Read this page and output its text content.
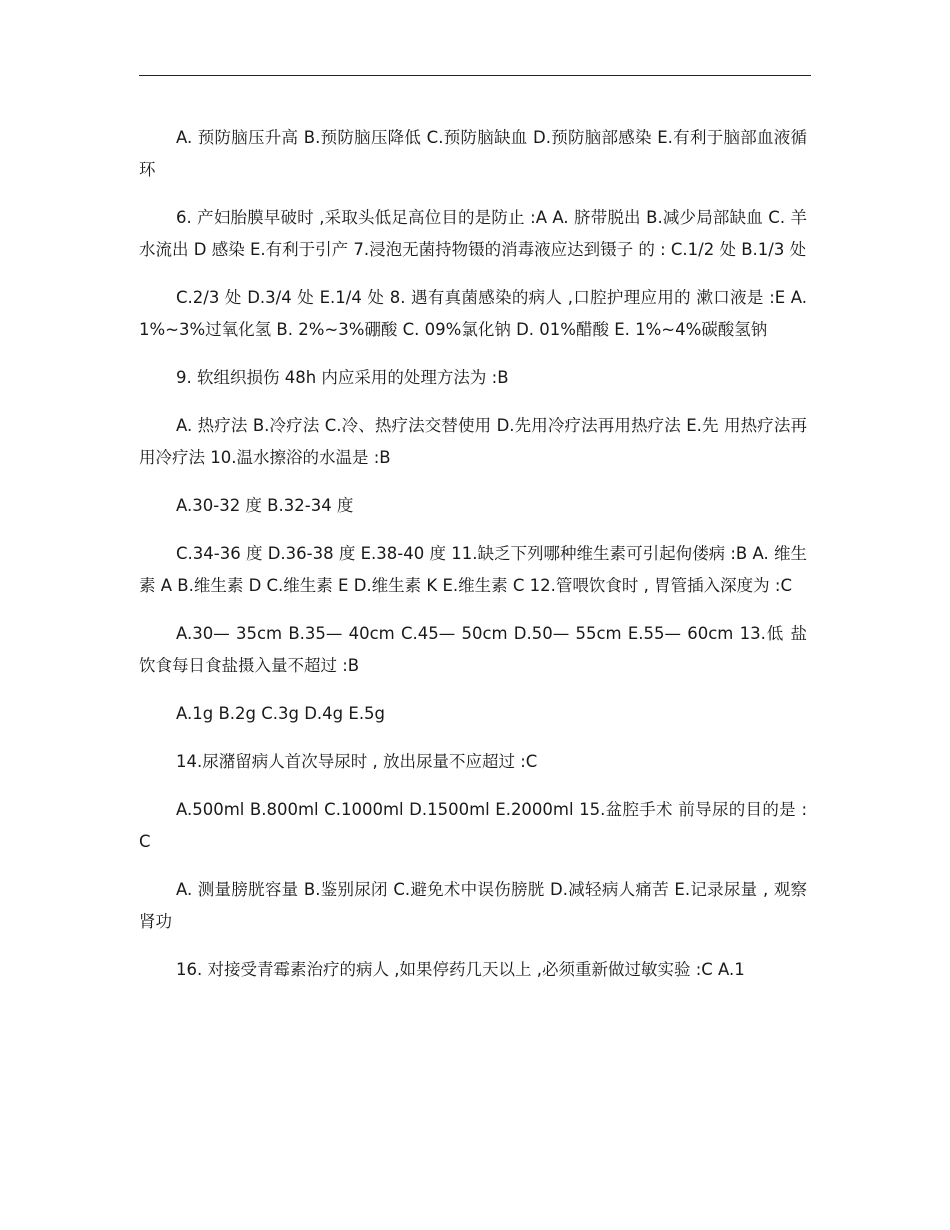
A. 预防脑压升高 B.预防脑压降低 C.预防脑缺血 D.预防脑部感染 E.有利于脑部血液循环

6. 产妇胎膜早破时 ,采取头低足高位目的是防止 :A A. 脐带脱出 B.减少局部缺血 C. 羊水流出 D 感染 E.有利于引产 7.浸泡无菌持物镊的消毒液应达到镊子 的 : C.1/2 处 B.1/3 处

C.2/3 处 D.3/4 处 E.1/4 处 8. 遇有真菌感染的病人 ,口腔护理应用的 漱口液是 :E A. 1%~3%过氧化氢 B. 2%~3%硼酸 C. 09%氯化钠 D. 01%醋酸 E. 1%~4%碳酸氢钠

9. 软组织损伤 48h 内应采用的处理方法为 :B

A. 热疗法 B.冷疗法 C.冷、热疗法交替使用 D.先用冷疗法再用热疗法 E.先 用热疗法再用冷疗法 10.温水擦浴的水温是 :B

A.30-32 度 B.32-34 度

C.34-36 度 D.36-38 度 E.38-40 度 11.缺乏下列哪种维生素可引起佝偻病 :B A. 维生素 A B.维生素 D C.维生素 E D.维生素 K E.维生素 C 12.管喂饮食时 , 胃管插入深度为 :C

A.30— 35cm B.35— 40cm C.45— 50cm D.50— 55cm E.55— 60cm 13.低 盐饮食每日食盐摄入量不超过 :B

A.1g B.2g C.3g D.4g E.5g

14.尿潴留病人首次导尿时 , 放出尿量不应超过 :C

A.500ml B.800ml C.1000ml D.1500ml E.2000ml 15.盆腔手术 前导尿的目的是 :C

A. 测量膀胱容量 B.鉴别尿闭 C.避免术中误伤膀胱 D.减轻病人痛苦 E.记录尿量 , 观察肾功

16. 对接受青霉素治疗的病人 ,如果停药几天以上 ,必须重新做过敏实验 :C A.1
